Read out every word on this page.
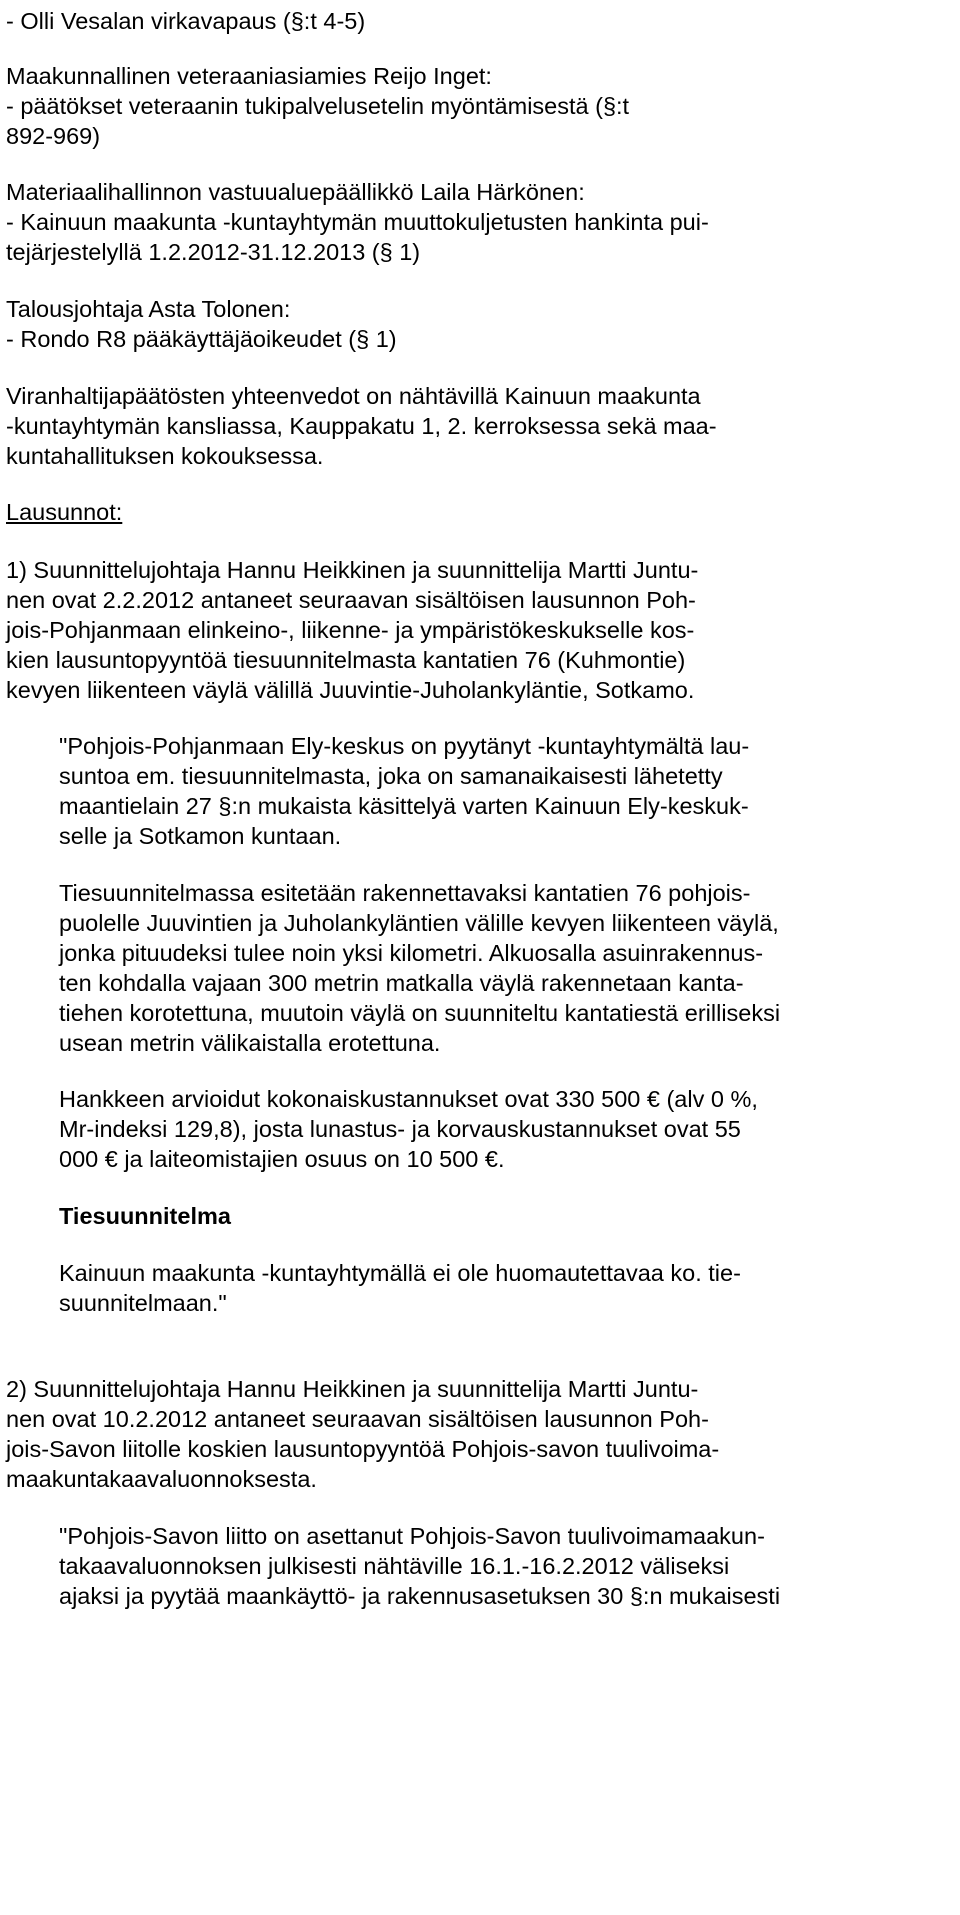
- Olli Vesalan virkavapaus (§:t 4-5)

Maakunnallinen veteraaniasiamies Reijo Inget:

- päätökset veteraanin tukipalvelusetelin myöntämisestä (§:t

892-969)

Materiaalihallinnon vastuualuepäällikkö Laila Härkönen:

- Kainuun maakunta -kuntayhtymän muuttokuljetusten hankinta pui-

tejärjestelyllä 1.2.2012-31.12.2013 (§ 1)

Talousjohtaja Asta Tolonen:

- Rondo R8 pääkäyttäjäoikeudet (§ 1)

Viranhaltijapäätösten yhteenvedot on nähtävillä Kainuun maakunta

-kuntayhtymän kansliassa, Kauppakatu 1, 2. kerroksessa sekä maa-

kuntahallituksen kokouksessa.

Lausunnot:

1) Suunnittelujohtaja Hannu Heikkinen ja suunnittelija Martti Juntu-

nen ovat 2.2.2012 antaneet seuraavan sisältöisen lausunnon Poh-

jois-Pohjanmaan elinkeino-, liikenne- ja ympäristökeskukselle kos-

kien lausuntopyyntöä tiesuunnitelmasta kantatien 76 (Kuhmontie)

kevyen liikenteen väylä välillä Juuvintie-Juholankyläntie, Sotkamo.

"Pohjois-Pohjanmaan Ely-keskus on pyytänyt -kuntayhtymältä lau-

suntoa em. tiesuunnitelmasta, joka on samanaikaisesti lähetetty

maantielain 27 §:n mukaista käsittelyä varten Kainuun Ely-keskuk-

selle ja Sotkamon kuntaan.

Tiesuunnitelmassa esitetään rakennettavaksi kantatien 76 pohjois-

puolelle Juuvintien ja Juholankyläntien välille kevyen liikenteen väylä,

jonka pituudeksi tulee noin yksi kilometri. Alkuosalla asuinrakennus-

ten kohdalla vajaan 300 metrin matkalla väylä rakennetaan kanta-

tiehen korotettuna, muutoin väylä on suunniteltu kantatiestä erilliseksi

usean metrin välikaistalla erotettuna.

Hankkeen arvioidut kokonaiskustannukset ovat 330 500 € (alv 0 %,

Mr-indeksi 129,8), josta lunastus- ja korvauskustannukset ovat 55

000 € ja laiteomistajien osuus on 10 500 €.

Tiesuunnitelma

Kainuun maakunta -kuntayhtymällä ei ole huomautettavaa ko. tie-

suunnitelmaan."

2) Suunnittelujohtaja Hannu Heikkinen ja suunnittelija Martti Juntu-

nen ovat 10.2.2012 antaneet seuraavan sisältöisen lausunnon Poh-

jois-Savon liitolle koskien lausuntopyyntöä Pohjois-savon tuulivoima-

maakuntakaavaluonnoksesta.

"Pohjois-Savon liitto on asettanut Pohjois-Savon tuulivoimamaakun-

takaavaluonnoksen julkisesti nähtäville 16.1.-16.2.2012 väliseksi

ajaksi ja pyytää maankäyttö- ja rakennusasetuksen 30 §:n mukaisesti
